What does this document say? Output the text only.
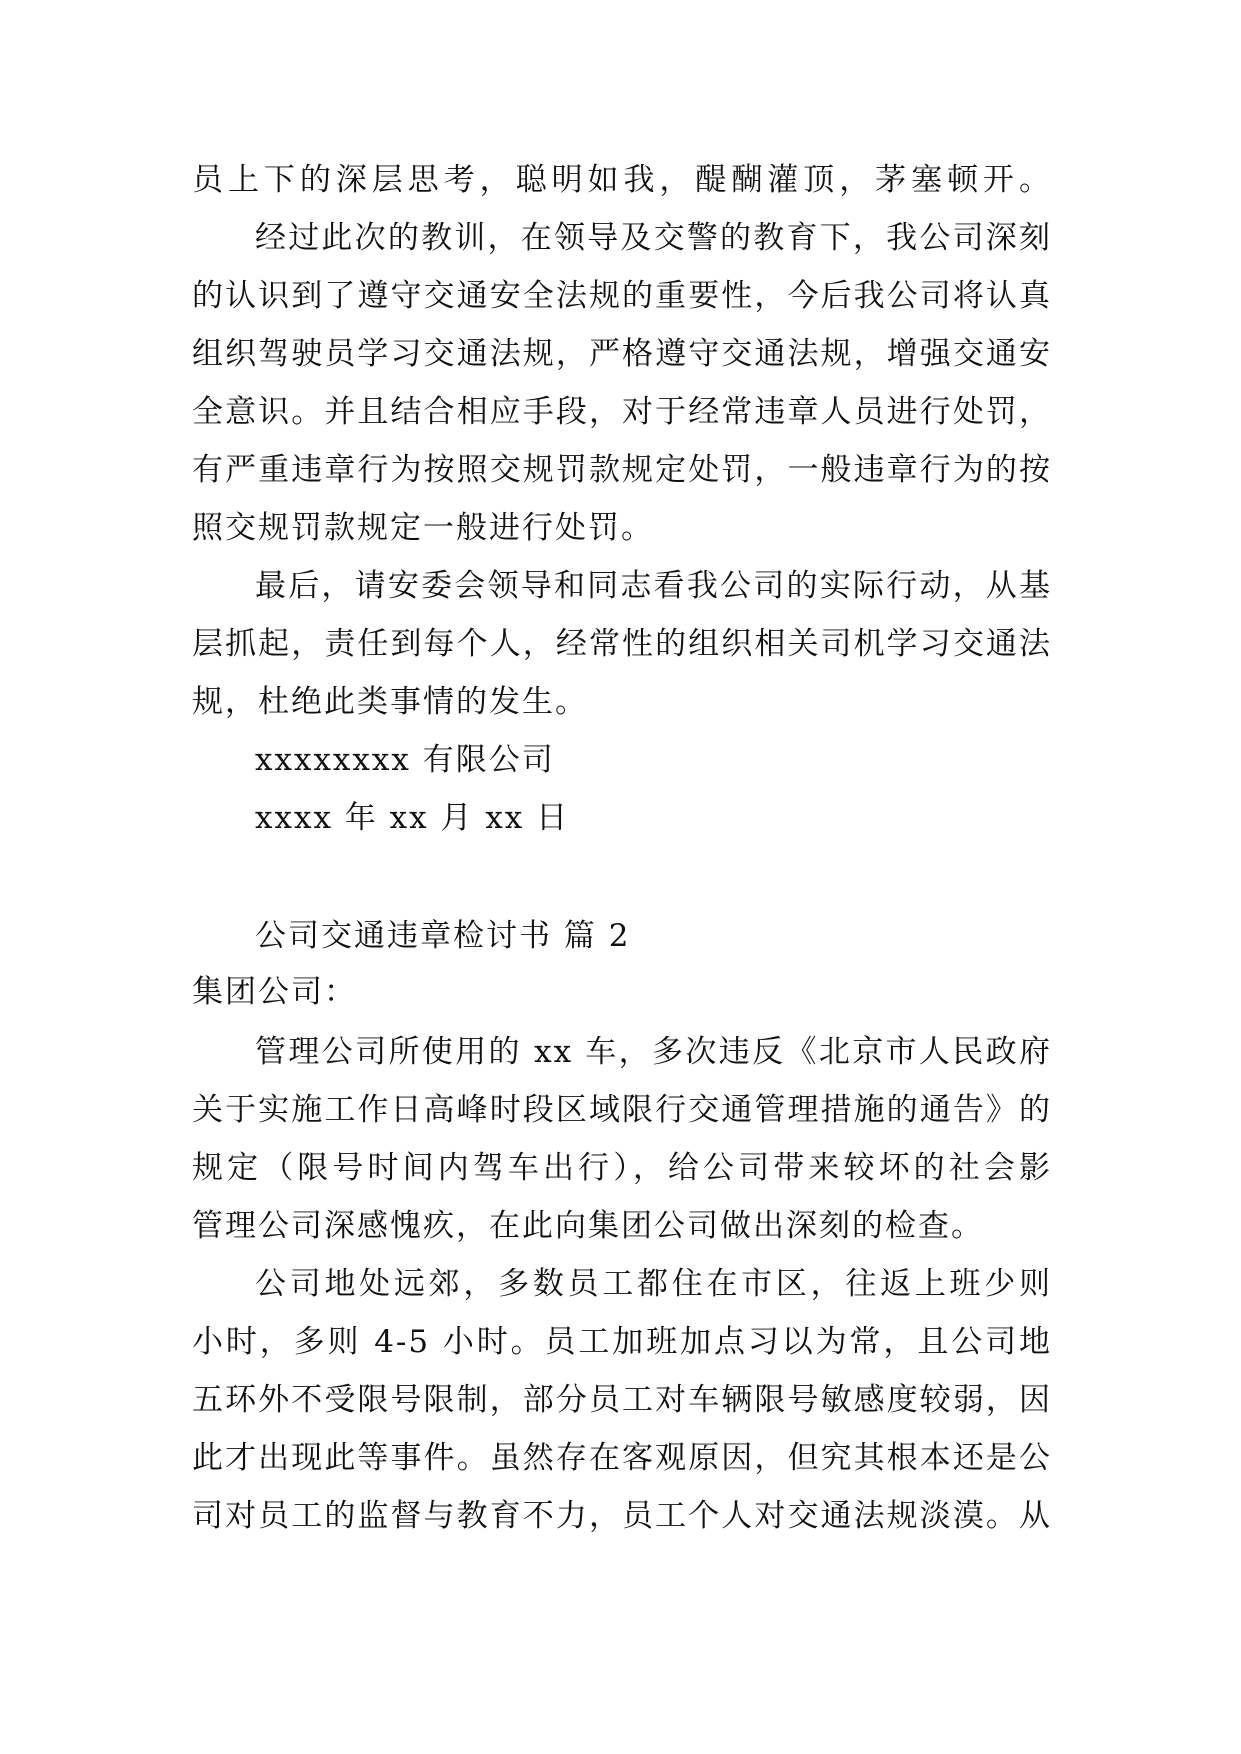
员上下的深层思考，聪明如我，醍醐灌顶，茅塞顿开。
经过此次的教训，在领导及交警的教育下，我公司深刻
的认识到了遵守交通安全法规的重要性，今后我公司将认真
组织驾驶员学习交通法规，严格遵守交通法规，增强交通安
全意识。并且结合相应手段，对于经常违章人员进行处罚，
有严重违章行为按照交规罚款规定处罚，一般违章行为的按
照交规罚款规定一般进行处罚。
最后，请安委会领导和同志看我公司的实际行动，从基
层抓起，责任到每个人，经常性的组织相关司机学习交通法
规，杜绝此类事情的发生。
xxxxxxxx 有限公司
xxxx 年 xx 月 xx 日
公司交通违章检讨书 篇 2
集团公司：
管理公司所使用的 xx 车，多次违反《北京市人民政府
关于实施工作日高峰时段区域限行交通管理措施的通告》的
规定（限号时间内驾车出行），给公司带来较坏的社会影
管理公司深感愧疚，在此向集团公司做出深刻的检查。
公司地处远郊，多数员工都住在市区，往返上班少则
小时，多则 4-5 小时。员工加班加点习以为常，且公司地
五环外不受限号限制，部分员工对车辆限号敏感度较弱，因
此才出现此等事件。虽然存在客观原因，但究其根本还是公
司对员工的监督与教育不力，员工个人对交通法规淡漠。从
